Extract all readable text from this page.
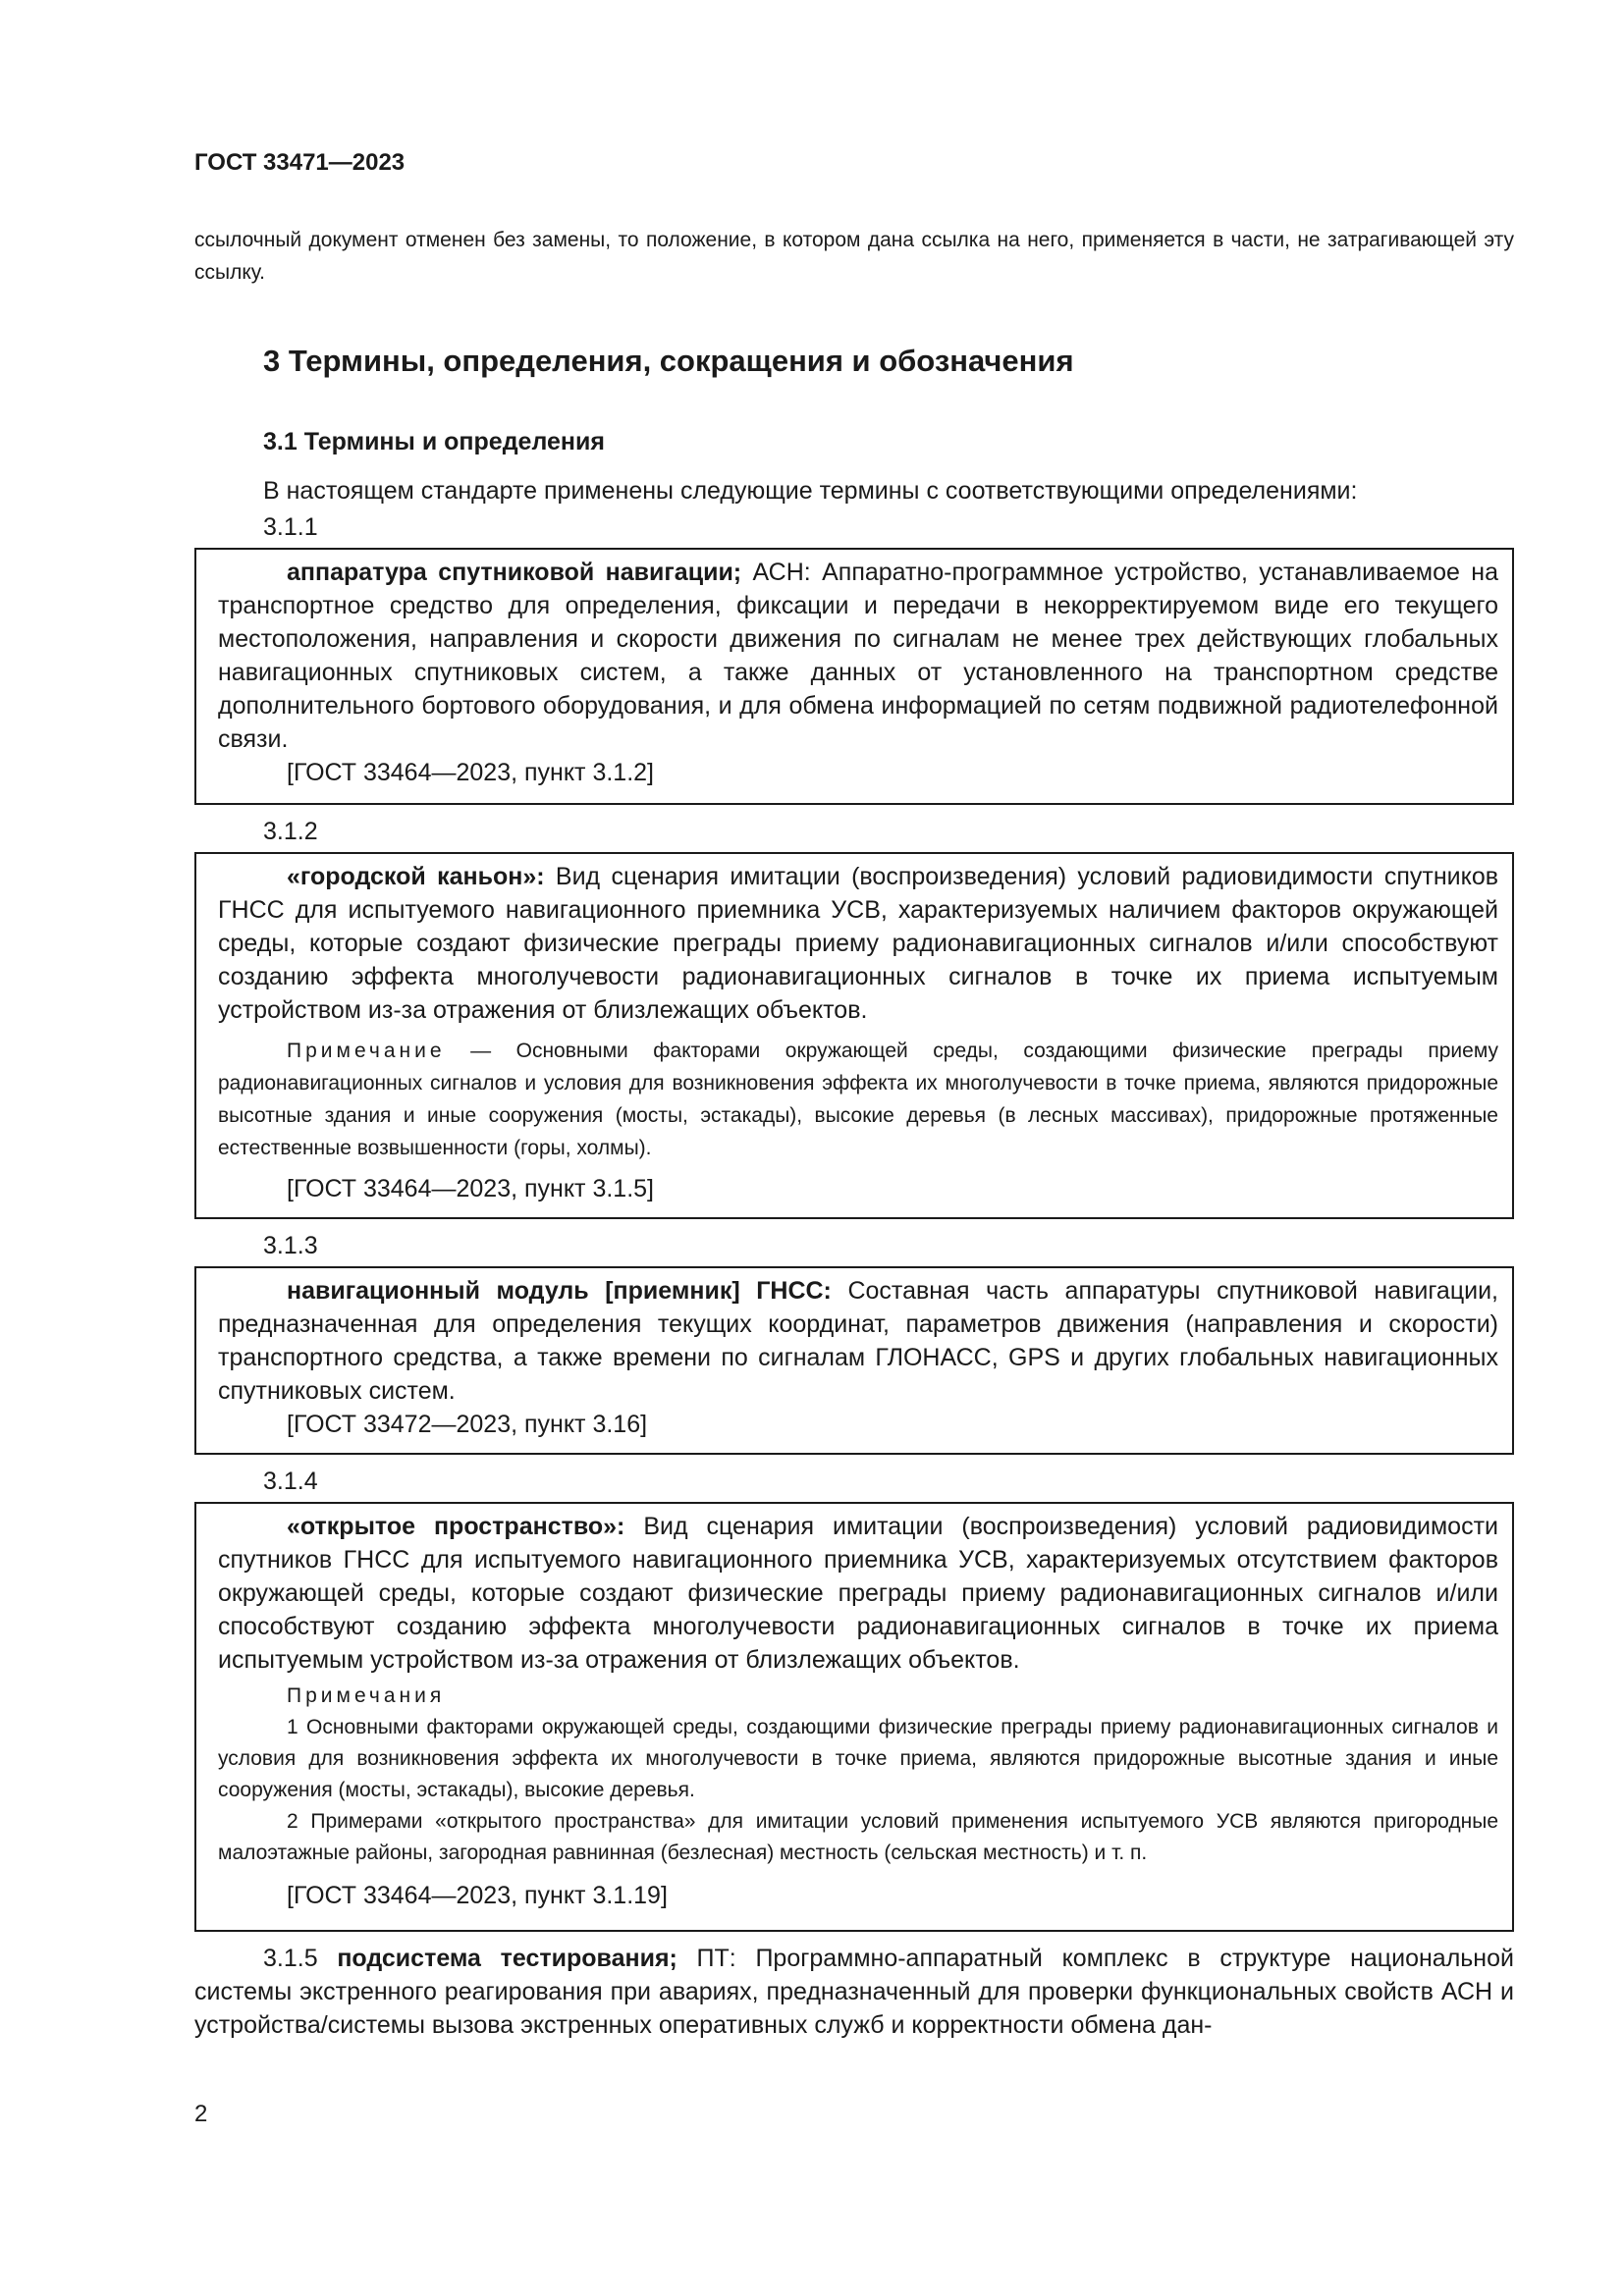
ГОСТ 33471—2023

ссылочный документ отменен без замены, то положение, в котором дана ссылка на него, применяется в части, не затрагивающей эту ссылку.

3 Термины, определения, сокращения и обозначения
3.1 Термины и определения

В настоящем стандарте применены следующие термины с соответствующими определениями:

3.1.1

аппаратура спутниковой навигации; АСН: Аппаратно-программное устройство, устанавливаемое на транспортное средство для определения, фиксации и передачи в некорректируемом виде его текущего местоположения, направления и скорости движения по сигналам не менее трех действующих глобальных навигационных спутниковых систем, а также данных от установленного на транспортном средстве дополнительного бортового оборудования, и для обмена информацией по сетям подвижной радиотелефонной связи.

[ГОСТ 33464—2023, пункт 3.1.2]

3.1.2

«городской каньон»: Вид сценария имитации (воспроизведения) условий радиовидимости спутников ГНСС для испытуемого навигационного приемника УСВ, характеризуемых наличием факторов окружающей среды, которые создают физические преграды приему радионавигационных сигналов и/или способствуют созданию эффекта многолучевости радионавигационных сигналов в точке их приема испытуемым устройством из-за отражения от близлежащих объектов.

Примечание — Основными факторами окружающей среды, создающими физические преграды приему радионавигационных сигналов и условия для возникновения эффекта их многолучевости в точке приема, являются придорожные высотные здания и иные сооружения (мосты, эстакады), высокие деревья (в лесных массивах), придорожные протяженные естественные возвышенности (горы, холмы).

[ГОСТ 33464—2023, пункт 3.1.5]

3.1.3

навигационный модуль [приемник] ГНСС: Составная часть аппаратуры спутниковой навигации, предназначенная для определения текущих координат, параметров движения (направления и скорости) транспортного средства, а также времени по сигналам ГЛОНАСС, GPS и других глобальных навигационных спутниковых систем.

[ГОСТ 33472—2023, пункт 3.16]

3.1.4

«открытое пространство»: Вид сценария имитации (воспроизведения) условий радиовидимости спутников ГНСС для испытуемого навигационного приемника УСВ, характеризуемых отсутствием факторов окружающей среды, которые создают физические преграды приему радионавигационных сигналов и/или способствуют созданию эффекта многолучевости радионавигационных сигналов в точке их приема испытуемым устройством из-за отражения от близлежащих объектов.

Примечания

1 Основными факторами окружающей среды, создающими физические преграды приему радионавигационных сигналов и условия для возникновения эффекта их многолучевости в точке приема, являются придорожные высотные здания и иные сооружения (мосты, эстакады), высокие деревья.

2 Примерами «открытого пространства» для имитации условий применения испытуемого УСВ являются пригородные малоэтажные районы, загородная равнинная (безлесная) местность (сельская местность) и т. п.

[ГОСТ 33464—2023, пункт 3.1.19]

3.1.5 подсистема тестирования; ПТ: Программно-аппаратный комплекс в структуре национальной системы экстренного реагирования при авариях, предназначенный для проверки функциональных свойств АСН и устройства/системы вызова экстренных оперативных служб и корректности обмена дан-

2
